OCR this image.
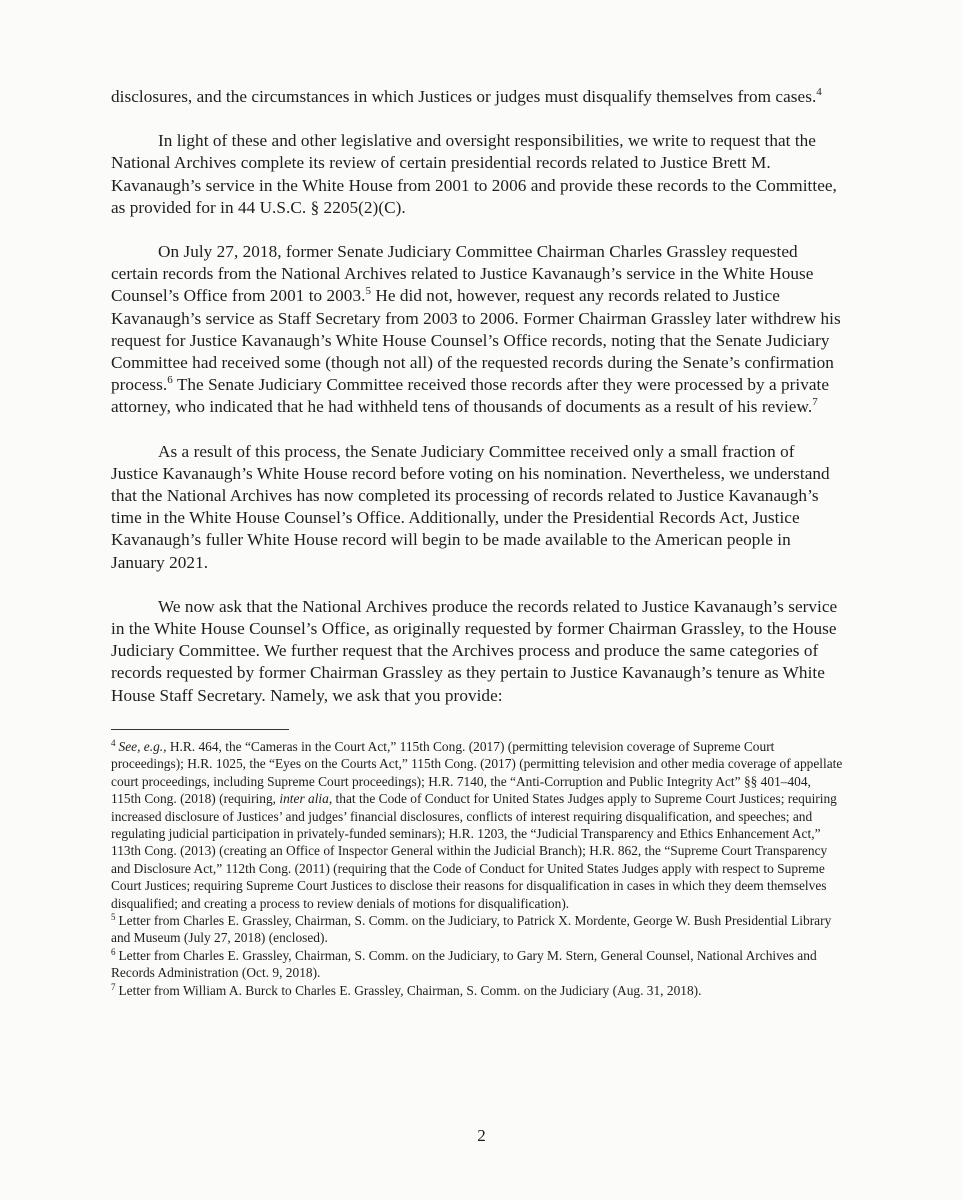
disclosures, and the circumstances in which Justices or judges must disqualify themselves from cases.$^4$

In light of these and other legislative and oversight responsibilities, we write to request that the National Archives complete its review of certain presidential records related to Justice Brett M. Kavanaugh’s service in the White House from 2001 to 2006 and provide these records to the Committee, as provided for in 44 U.S.C. § 2205(2)(C).

On July 27, 2018, former Senate Judiciary Committee Chairman Charles Grassley requested certain records from the National Archives related to Justice Kavanaugh’s service in the White House Counsel’s Office from 2001 to 2003.$^5$ He did not, however, request any records related to Justice Kavanaugh’s service as Staff Secretary from 2003 to 2006. Former Chairman Grassley later withdrew his request for Justice Kavanaugh’s White House Counsel’s Office records, noting that the Senate Judiciary Committee had received some (though not all) of the requested records during the Senate’s confirmation process.$^6$ The Senate Judiciary Committee received those records after they were processed by a private attorney, who indicated that he had withheld tens of thousands of documents as a result of his review.$^7$

As a result of this process, the Senate Judiciary Committee received only a small fraction of Justice Kavanaugh’s White House record before voting on his nomination. Nevertheless, we understand that the National Archives has now completed its processing of records related to Justice Kavanaugh’s time in the White House Counsel’s Office. Additionally, under the Presidential Records Act, Justice Kavanaugh’s fuller White House record will begin to be made available to the American people in January 2021.

We now ask that the National Archives produce the records related to Justice Kavanaugh’s service in the White House Counsel’s Office, as originally requested by former Chairman Grassley, to the House Judiciary Committee. We further request that the Archives process and produce the same categories of records requested by former Chairman Grassley as they pertain to Justice Kavanaugh’s tenure as White House Staff Secretary. Namely, we ask that you provide:

$^4$ See, e.g., H.R. 464, the “Cameras in the Court Act,” 115th Cong. (2017) (permitting television coverage of Supreme Court proceedings); H.R. 1025, the “Eyes on the Courts Act,” 115th Cong. (2017) (permitting television and other media coverage of appellate court proceedings, including Supreme Court proceedings); H.R. 7140, the “Anti-Corruption and Public Integrity Act” §§ 401–404, 115th Cong. (2018) (requiring, inter alia, that the Code of Conduct for United States Judges apply to Supreme Court Justices; requiring increased disclosure of Justices’ and judges’ financial disclosures, conflicts of interest requiring disqualification, and speeches; and regulating judicial participation in privately-funded seminars); H.R. 1203, the “Judicial Transparency and Ethics Enhancement Act,” 113th Cong. (2013) (creating an Office of Inspector General within the Judicial Branch); H.R. 862, the “Supreme Court Transparency and Disclosure Act,” 112th Cong. (2011) (requiring that the Code of Conduct for United States Judges apply with respect to Supreme Court Justices; requiring Supreme Court Justices to disclose their reasons for disqualification in cases in which they deem themselves disqualified; and creating a process to review denials of motions for disqualification).

$^5$ Letter from Charles E. Grassley, Chairman, S. Comm. on the Judiciary, to Patrick X. Mordente, George W. Bush Presidential Library and Museum (July 27, 2018) (enclosed).

$^6$ Letter from Charles E. Grassley, Chairman, S. Comm. on the Judiciary, to Gary M. Stern, General Counsel, National Archives and Records Administration (Oct. 9, 2018).

$^7$ Letter from William A. Burck to Charles E. Grassley, Chairman, S. Comm. on the Judiciary (Aug. 31, 2018).

2
